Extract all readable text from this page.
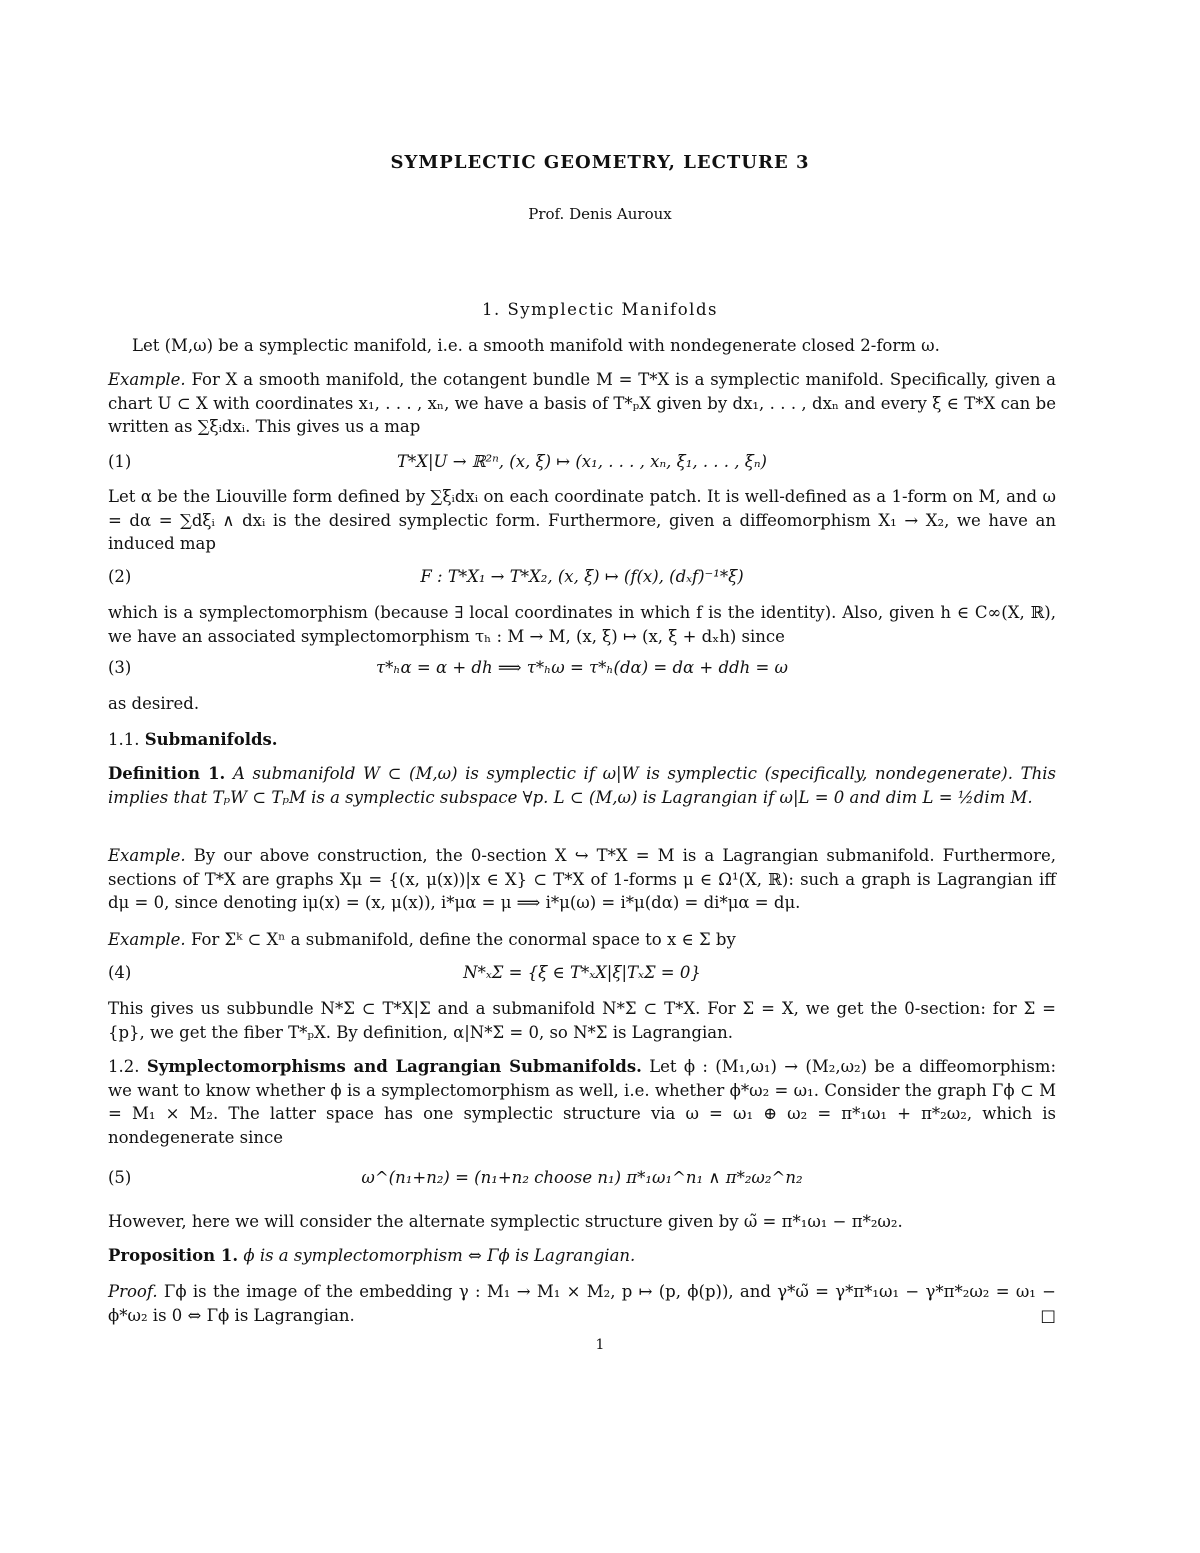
SYMPLECTIC GEOMETRY, LECTURE 3
Prof. Denis Auroux
1. Symplectic Manifolds
Let (M,ω) be a symplectic manifold, i.e. a smooth manifold with nondegenerate closed 2-form ω.
Example. For X a smooth manifold, the cotangent bundle M = T*X is a symplectic manifold. Specifically, given a chart U ⊂ X with coordinates x₁, . . . , xₙ, we have a basis of T*ₚX given by dx₁, . . . , dxₙ and every ξ ∈ T*X can be written as ∑ξᵢdxᵢ. This gives us a map
(1)	T*X|U → ℝ²ⁿ, (x, ξ) ↦ (x₁, . . . , xₙ, ξ₁, . . . , ξₙ)
Let α be the Liouville form defined by ∑ξᵢdxᵢ on each coordinate patch. It is well-defined as a 1-form on M, and ω = dα = ∑dξᵢ ∧ dxᵢ is the desired symplectic form. Furthermore, given a diffeomorphism X₁ → X₂, we have an induced map
(2)	F : T*X₁ → T*X₂, (x, ξ) ↦ (f(x), (dₓf)⁻¹*ξ)
which is a symplectomorphism (because ∃ local coordinates in which f is the identity). Also, given h ∈ C∞(X, ℝ), we have an associated symplectomorphism τₕ : M → M, (x, ξ) ↦ (x, ξ + dₓh) since
(3)	τ*ₕα = α + dh ⟹ τ*ₕω = τ*ₕ(dα) = dα + ddh = ω
as desired.
1.1. Submanifolds.
Definition 1. A submanifold W ⊂ (M,ω) is symplectic if ω|W is symplectic (specifically, nondegenerate). This implies that TₚW ⊂ TₚM is a symplectic subspace ∀p. L ⊂ (M,ω) is Lagrangian if ω|L = 0 and dim L = ½dim M.
Example. By our above construction, the 0-section X ↪ T*X = M is a Lagrangian submanifold. Furthermore, sections of T*X are graphs Xμ = {(x, μ(x))|x ∈ X} ⊂ T*X of 1-forms μ ∈ Ω¹(X, ℝ): such a graph is Lagrangian iff dμ = 0, since denoting iμ(x) = (x, μ(x)), i*μα = μ ⟹ i*μ(ω) = i*μ(dα) = di*μα = dμ.
Example. For Σᵏ ⊂ Xⁿ a submanifold, define the conormal space to x ∈ Σ by
(4)	N*ₓΣ = {ξ ∈ T*ₓX|ξ|TₓΣ = 0}
This gives us subbundle N*Σ ⊂ T*X|Σ and a submanifold N*Σ ⊂ T*X. For Σ = X, we get the 0-section: for Σ = {p}, we get the fiber T*ₚX. By definition, α|N*Σ = 0, so N*Σ is Lagrangian.
1.2. Symplectomorphisms and Lagrangian Submanifolds. Let ϕ : (M₁,ω₁) → (M₂,ω₂) be a diffeomorphism: we want to know whether ϕ is a symplectomorphism as well, i.e. whether ϕ*ω₂ = ω₁. Consider the graph Γϕ ⊂ M = M₁ × M₂. The latter space has one symplectic structure via ω = ω₁ ⊕ ω₂ = π*₁ω₁ + π*₂ω₂, which is nondegenerate since
(5)	ω^(n₁+n₂) = (n₁+n₂ choose n₁) π*₁ω₁^n₁ ∧ π*₂ω₂^n₂
However, here we will consider the alternate symplectic structure given by ω̃ = π*₁ω₁ − π*₂ω₂.
Proposition 1. ϕ is a symplectomorphism ⇔ Γϕ is Lagrangian.
Proof. Γϕ is the image of the embedding γ : M₁ → M₁ × M₂, p ↦ (p, ϕ(p)), and γ*ω̃ = γ*π*₁ω₁ − γ*π*₂ω₂ = ω₁ − ϕ*ω₂ is 0 ⇔ Γϕ is Lagrangian.	□
1
